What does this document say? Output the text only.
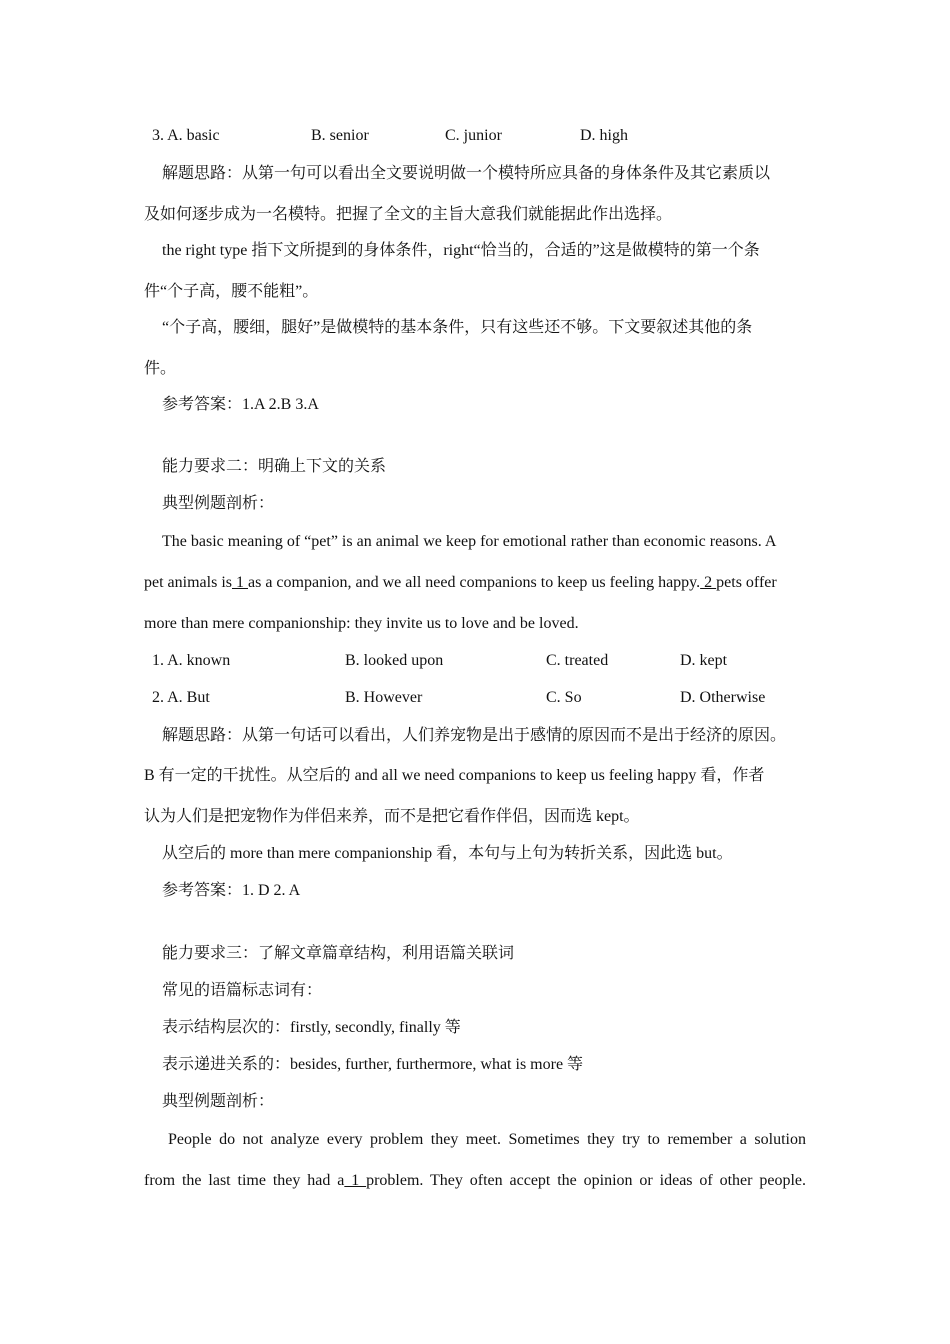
3. A. basic	B. senior	C. junior	D. high
解题思路：从第一句可以看出全文要说明做一个模特所应具备的身体条件及其它素质以
及如何逐步成为一名模特。把握了全文的主旨大意我们就能据此作出选择。
the right type 指下文所提到的身体条件，right“恰当的，合适的”这是做模特的第一个条
件“个子高，腰不能粗”。
“个子高，腰细，腿好”是做模特的基本条件，只有这些还不够。下文要叙述其他的条
件。
参考答案：1.A 2.B 3.A
能力要求二：明确上下文的关系
典型例题剖析：
The basic meaning of “pet” is an animal we keep for emotional rather than economic reasons. A
pet animals is 1 as a companion, and we all need companions to keep us feeling happy. 2 pets offer
more than mere companionship: they invite us to love and be loved.
1. A. known	B. looked upon	C. treated	D. kept
2. A. But	B. However	C. So	D. Otherwise
解题思路：从第一句话可以看出，人们养宠物是出于感情的原因而不是出于经济的原因。
B 有一定的干扰性。从空后的 and all we need companions to keep us feeling happy 看，作者
认为人们是把宠物作为伴侣来养，而不是把它看作伴侣，因而选 kept。
从空后的 more than mere companionship 看，本句与上句为转折关系，因此选 but。
参考答案：1. D 2. A
能力要求三：了解文章篇章结构，利用语篇关联词
常见的语篇标志词有：
表示结构层次的：firstly, secondly, finally 等
表示递进关系的：besides, further, furthermore, what is more 等
典型例题剖析：
People do not analyze every problem they meet. Sometimes they try to remember a solution
from the last time they had a 1 problem. They often accept the opinion or ideas of other people.
